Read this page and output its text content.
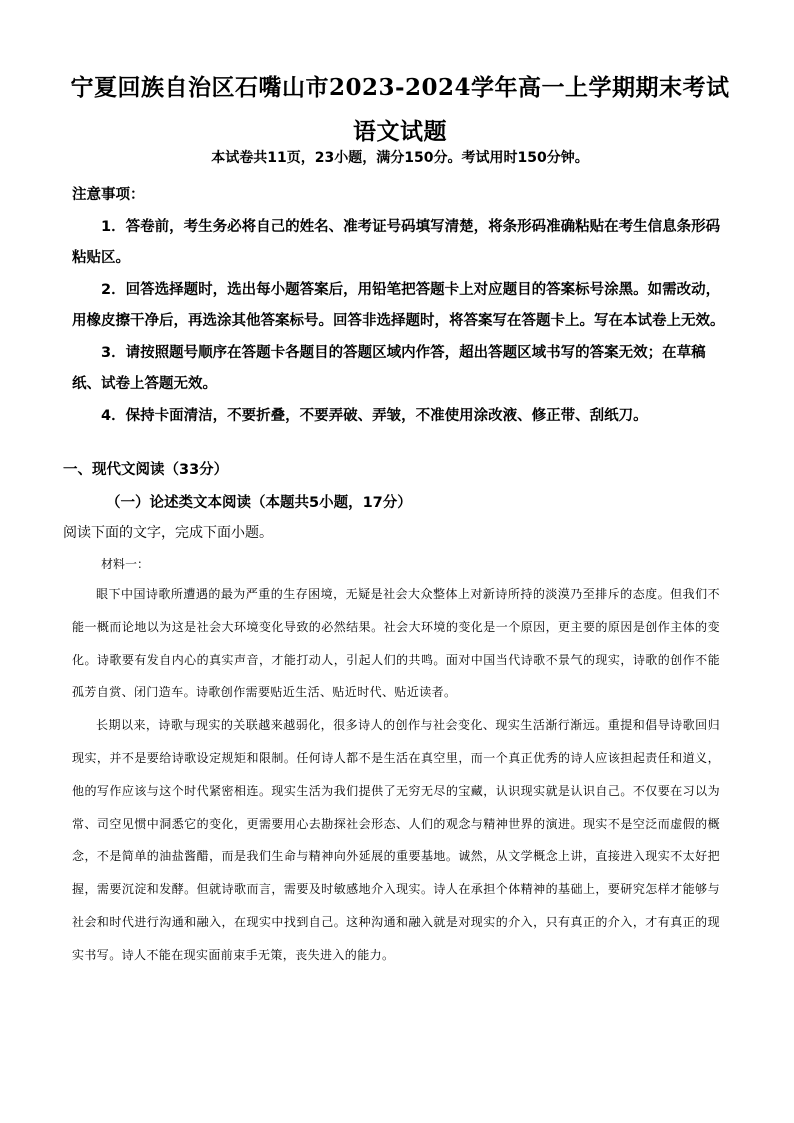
宁夏回族自治区石嘴山市2023-2024学年高一上学期期末考试语文试题
本试卷共11页，23小题，满分150分。考试用时150分钟。

注意事项：

1．答卷前，考生务必将自己的姓名、准考证号码填写清楚，将条形码准确粘贴在考生信息条形码粘贴区。

2．回答选择题时，选出每小题答案后，用铅笔把答题卡上对应题目的答案标号涂黑。如需改动，用橡皮擦干净后，再选涂其他答案标号。回答非选择题时，将答案写在答题卡上。写在本试卷上无效。

3．请按照题号顺序在答题卡各题目的答题区域内作答，超出答题区域书写的答案无效；在草稿纸、试卷上答题无效。

4．保持卡面清洁，不要折叠，不要弄破、弄皱，不准使用涂改液、修正带、刮纸刀。

一、现代文阅读（33分）
（一）论述类文本阅读（本题共5小题，17分）
阅读下面的文字，完成下面小题。
材料一：

眼下中国诗歌所遭遇的最为严重的生存困境，无疑是社会大众整体上对新诗所持的淡漠乃至排斥的态度。但我们不能一概而论地以为这是社会大环境变化导致的必然结果。社会大环境的变化是一个原因，更主要的原因是创作主体的变化。诗歌要有发自内心的真实声音，才能打动人，引起人们的共鸣。面对中国当代诗歌不景气的现实，诗歌的创作不能孤芳自赏、闭门造车。诗歌创作需要贴近生活、贴近时代、贴近读者。

长期以来，诗歌与现实的关联越来越弱化，很多诗人的创作与社会变化、现实生活渐行渐远。重提和倡导诗歌回归现实，并不是要给诗歌设定规矩和限制。任何诗人都不是生活在真空里，而一个真正优秀的诗人应该担起责任和道义，他的写作应该与这个时代紧密相连。现实生活为我们提供了无穷无尽的宝藏，认识现实就是认识自己。不仅要在习以为常、司空见惯中洞悉它的变化，更需要用心去勘探社会形态、人们的观念与精神世界的演进。现实不是空泛而虚假的概念，不是简单的油盐酱醋，而是我们生命与精神向外延展的重要基地。诚然，从文学概念上讲，直接进入现实不太好把握，需要沉淀和发酵。但就诗歌而言，需要及时敏感地介入现实。诗人在承担个体精神的基础上，要研究怎样才能够与社会和时代进行沟通和融入，在现实中找到自己。这种沟通和融入就是对现实的介入，只有真正的介入，才有真正的现实书写。诗人不能在现实面前束手无策，丧失进入的能力。
